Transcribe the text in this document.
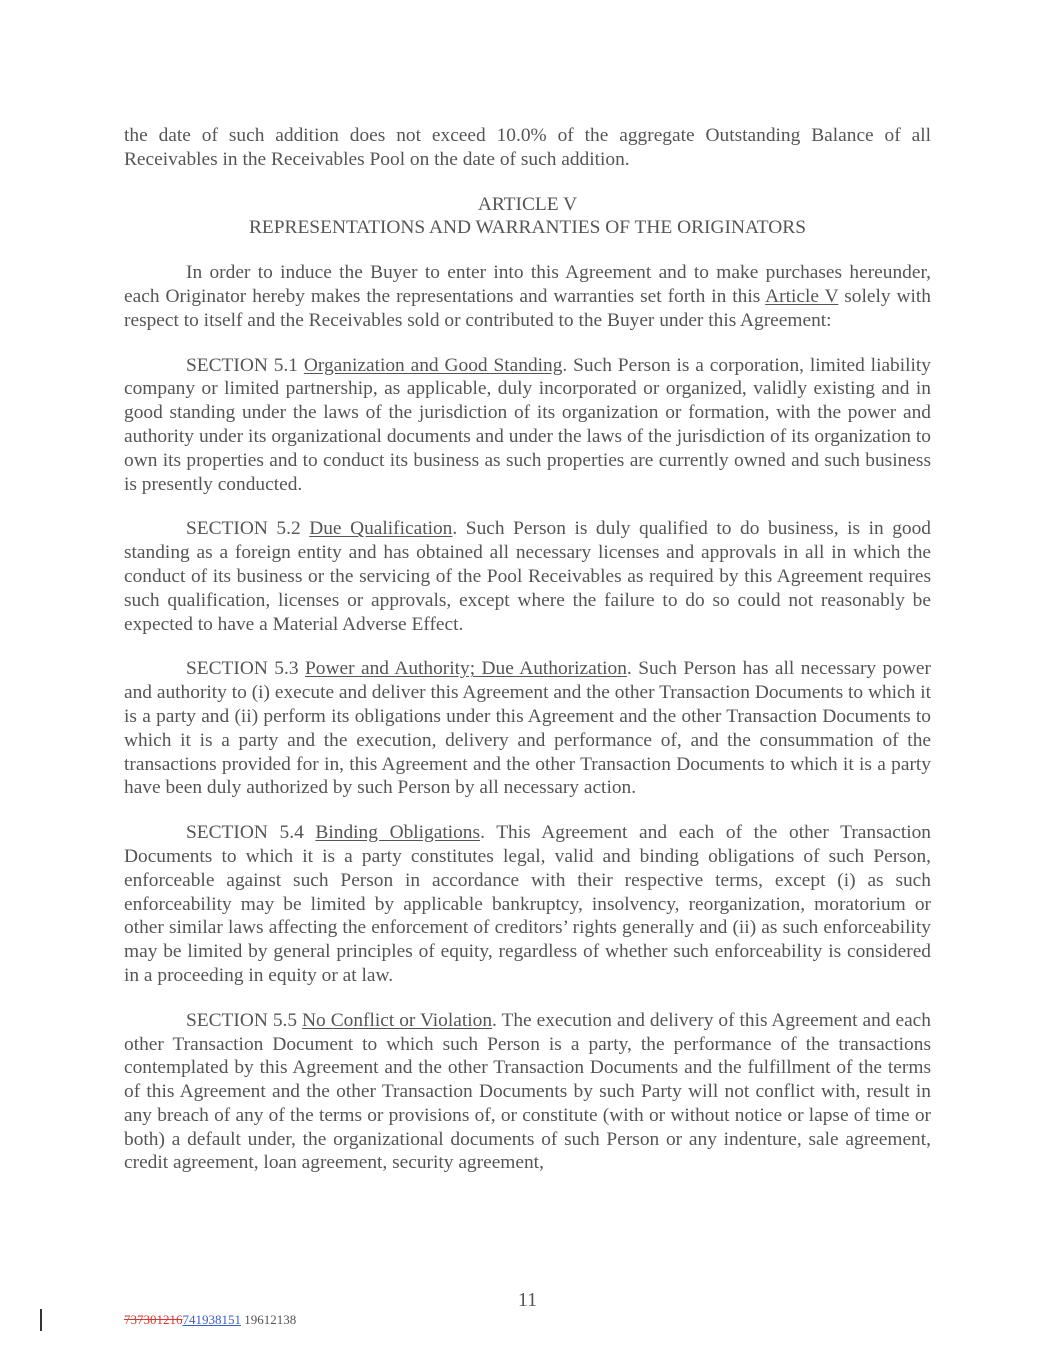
the date of such addition does not exceed 10.0% of the aggregate Outstanding Balance of all Receivables in the Receivables Pool on the date of such addition.

ARTICLE V

REPRESENTATIONS AND WARRANTIES OF THE ORIGINATORS

In order to induce the Buyer to enter into this Agreement and to make purchases hereunder, each Originator hereby makes the representations and warranties set forth in this Article V solely with respect to itself and the Receivables sold or contributed to the Buyer under this Agreement:

SECTION 5.1 Organization and Good Standing. Such Person is a corporation, limited liability company or limited partnership, as applicable, duly incorporated or organized, validly existing and in good standing under the laws of the jurisdiction of its organization or formation, with the power and authority under its organizational documents and under the laws of the jurisdiction of its organization to own its properties and to conduct its business as such properties are currently owned and such business is presently conducted.

SECTION 5.2 Due Qualification. Such Person is duly qualified to do business, is in good standing as a foreign entity and has obtained all necessary licenses and approvals in all in which the conduct of its business or the servicing of the Pool Receivables as required by this Agreement requires such qualification, licenses or approvals, except where the failure to do so could not reasonably be expected to have a Material Adverse Effect.

SECTION 5.3 Power and Authority; Due Authorization. Such Person has all necessary power and authority to (i) execute and deliver this Agreement and the other Transaction Documents to which it is a party and (ii) perform its obligations under this Agreement and the other Transaction Documents to which it is a party and the execution, delivery and performance of, and the consummation of the transactions provided for in, this Agreement and the other Transaction Documents to which it is a party have been duly authorized by such Person by all necessary action.

SECTION 5.4 Binding Obligations. This Agreement and each of the other Transaction Documents to which it is a party constitutes legal, valid and binding obligations of such Person, enforceable against such Person in accordance with their respective terms, except (i) as such enforceability may be limited by applicable bankruptcy, insolvency, reorganization, moratorium or other similar laws affecting the enforcement of creditors’ rights generally and (ii) as such enforceability may be limited by general principles of equity, regardless of whether such enforceability is considered in a proceeding in equity or at law.

SECTION 5.5 No Conflict or Violation. The execution and delivery of this Agreement and each other Transaction Document to which such Person is a party, the performance of the transactions contemplated by this Agreement and the other Transaction Documents and the fulfillment of the terms of this Agreement and the other Transaction Documents by such Party will not conflict with, result in any breach of any of the terms or provisions of, or constitute (with or without notice or lapse of time or both) a default under, the organizational documents of such Person or any indenture, sale agreement, credit agreement, loan agreement, security agreement,

11
737301216741938151 19612138
